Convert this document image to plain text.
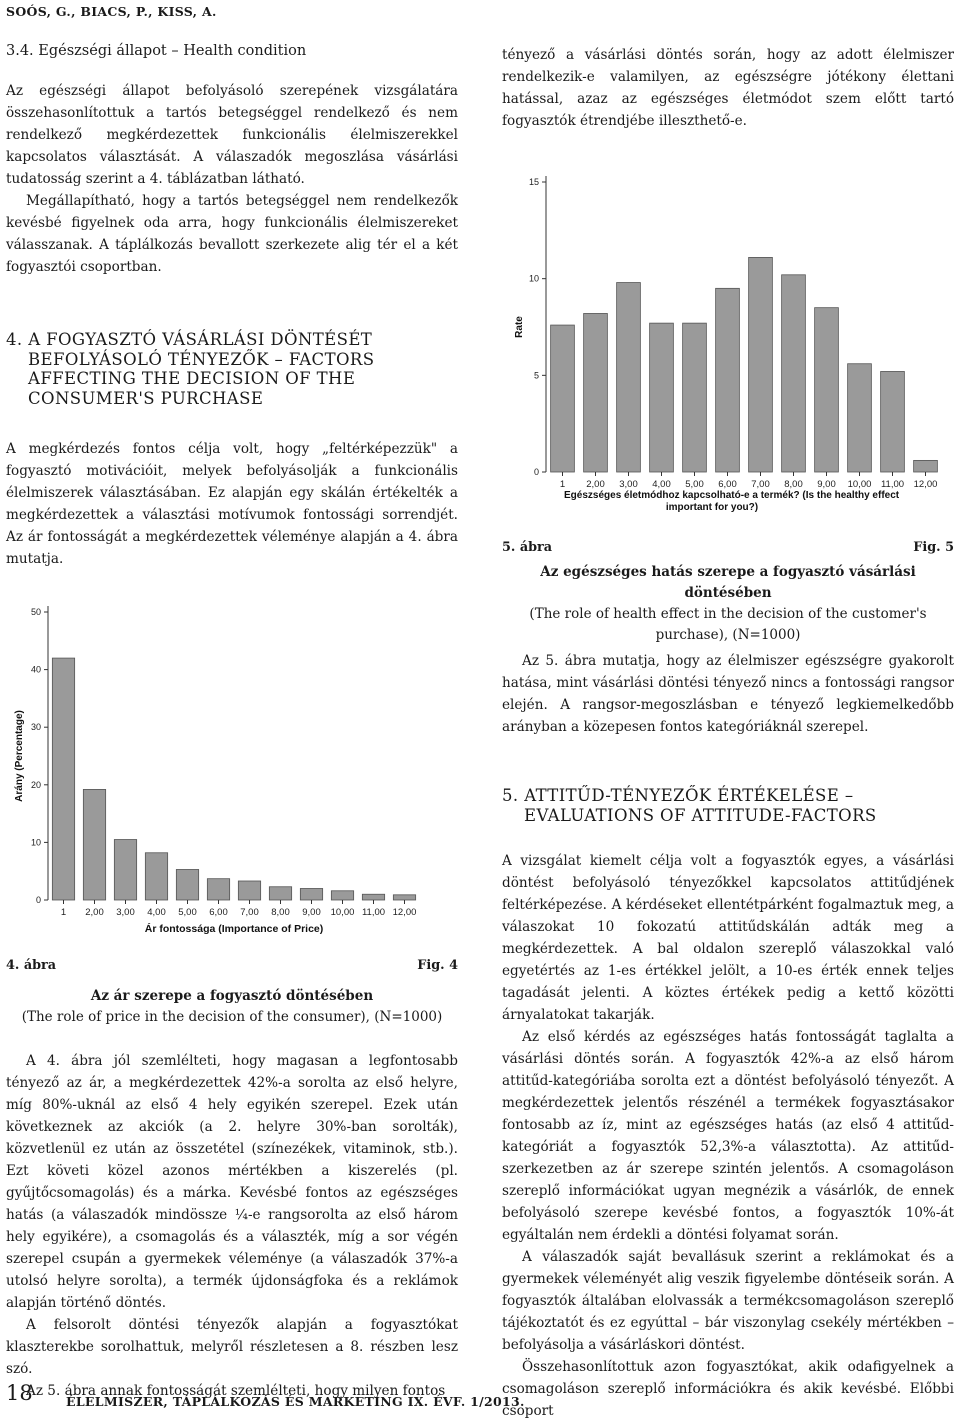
SOÓS, G., BIACS, P., KISS, A.

3.4. Egészségi állapot – Health condition

Az egészségi állapot befolyásoló szerepének vizsgálatára összehasonlítottuk a tartós betegséggel rendelkező és nem rendelkező megkérdezettek funkcionális élelmiszerekkel kapcsolatos választását. A válaszadók megoszlása vásárlási tudatosság szerint a 4. táblázatban látható.

Megállapítható, hogy a tartós betegséggel nem rendelkezők kevésbé figyelnek oda arra, hogy funkcionális élelmiszereket válasszanak. A táplálkozás bevallott szerkezete alig tér el a két fogyasztói csoportban.

4. A FOGYASZTÓ VÁSÁRLÁSI DÖNTÉSÉT
BEFOLYÁSOLÓ TÉNYEZŐK – FACTORS
AFFECTING THE DECISION OF THE
CONSUMER'S PURCHASE

A megkérdezés fontos célja volt, hogy „feltérképezzük" a fogyasztó motivációit, melyek befolyásolják a funkcionális élelmiszerek választásában. Ez alapján egy skálán értékelték a megkérdezettek a választási motívumok fontossági sorrendjét. Az ár fontosságát a megkérdezettek véleménye alapján a 4. ábra mutatja.

0
10
20
30
40
50
1 2,00 3,00 4,00 5,00 6,00 7,00 8,00 9,00 10,00 11,00 12,00
Arány (Percentage)
Ár fontossága (Importance of Price)
4. ábra	Fig. 4
Az ár szerepe a fogyasztó döntésében
(The role of price in the decision of the consumer), (N=1000)

A 4. ábra jól szemlélteti, hogy magasan a legfontosabb tényező az ár, a megkérdezettek 42%-a sorolta az első helyre, míg 80%-uknál az első 4 hely egyikén szerepel. Ezek után következnek az akciók (a 2. helyre 30%-ban sorolták), közvetlenül ez után az összetétel (színezékek, vitaminok, stb.). Ezt követi közel azonos mértékben a kiszerelés (pl. gyűjtőcsomagolás) és a márka. Kevésbé fontos az egészséges hatás (a válaszadók mindössze ¼-e rangsorolta az első három hely egyikére), a csomagolás és a választék, míg a sor végén szerepel csupán a gyermekek véleménye (a válaszadók 37%-a utolsó helyre sorolta), a termék újdonságfoka és a reklámok alapján történő döntés.

A felsorolt döntési tényezők alapján a fogyasztókat klaszterekbe sorolhattuk, melyről részletesen a 8. részben lesz szó.

Az 5. ábra annak fontosságát szemlélteti, hogy milyen fontos

tényező a vásárlási döntés során, hogy az adott élelmiszer rendelkezik-e valamilyen, az egészségre jótékony élettani hatással, azaz az egészséges életmódot szem előtt tartó fogyasztók étrendjébe illeszthető-e.

0
5
10
15
1 2,00 3,00 4,00 5,00 6,00 7,00 8,00 9,00 10,00 11,00 12,00
Rate
Egészséges életmódhoz kapcsolható-e a termék? (Is the healthy effect
important for you?)
5. ábra	Fig. 5
Az egészséges hatás szerepe a fogyasztó vásárlási döntésében
(The role of health effect in the decision of the customer's purchase), (N=1000)

Az 5. ábra mutatja, hogy az élelmiszer egészségre gyakorolt hatása, mint vásárlási döntési tényező nincs a fontossági rangsor elején. A rangsor-megoszlásban e tényező legkiemelkedőbb arányban a közepesen fontos kategóriáknál szerepel.

5. ATTITŰD-TÉNYEZŐK ÉRTÉKELÉSE –
EVALUATIONS OF ATTITUDE-FACTORS

A vizsgálat kiemelt célja volt a fogyasztók egyes, a vásárlási döntést befolyásoló tényezőkkel kapcsolatos attitűdjének feltérképezése. A kérdéseket ellentétpárként fogalmaztuk meg, a válaszokat 10 fokozatú attitűdskálán adták meg a megkérdezettek. A bal oldalon szereplő válaszokkal való egyetértés az 1-es értékkel jelölt, a 10-es érték ennek teljes tagadását jelenti. A köztes értékek pedig a kettő közötti árnyalatokat takarják.

Az első kérdés az egészséges hatás fontosságát taglalta a vásárlási döntés során. A fogyasztók 42%-a az első három attitűd-kategóriába sorolta ezt a döntést befolyásoló tényezőt. A megkérdezettek jelentős részénél a termékek fogyasztásakor fontosabb az íz, mint az egészséges hatás (az első 4 attitűd-kategóriát a fogyasztók 52,3%-a választotta). Az attitűd-szerkezetben az ár szerepe szintén jelentős. A csomagoláson szereplő információkat ugyan megnézik a vásárlók, de ennek befolyásoló szerepe kevésbé fontos, a fogyasztók 10%-át egyáltalán nem érdekli a döntési folyamat során.

A válaszadók saját bevallásuk szerint a reklámokat és a gyermekek véleményét alig veszik figyelembe döntéseik során. A fogyasztók általában elolvassák a termékcsomagoláson szereplő tájékoztatót és ez egyúttal – bár viszonylag csekély mértékben – befolyásolja a vásárláskori döntést.

Összehasonlítottuk azon fogyasztókat, akik odafigyelnek a csomagoláson szereplő információkra és akik kevésbé. Előbbi csoport

18	ÉLELMISZER, TÁPLÁLKOZÁS ÉS MARKETING IX. ÉVF. 1/2013.
